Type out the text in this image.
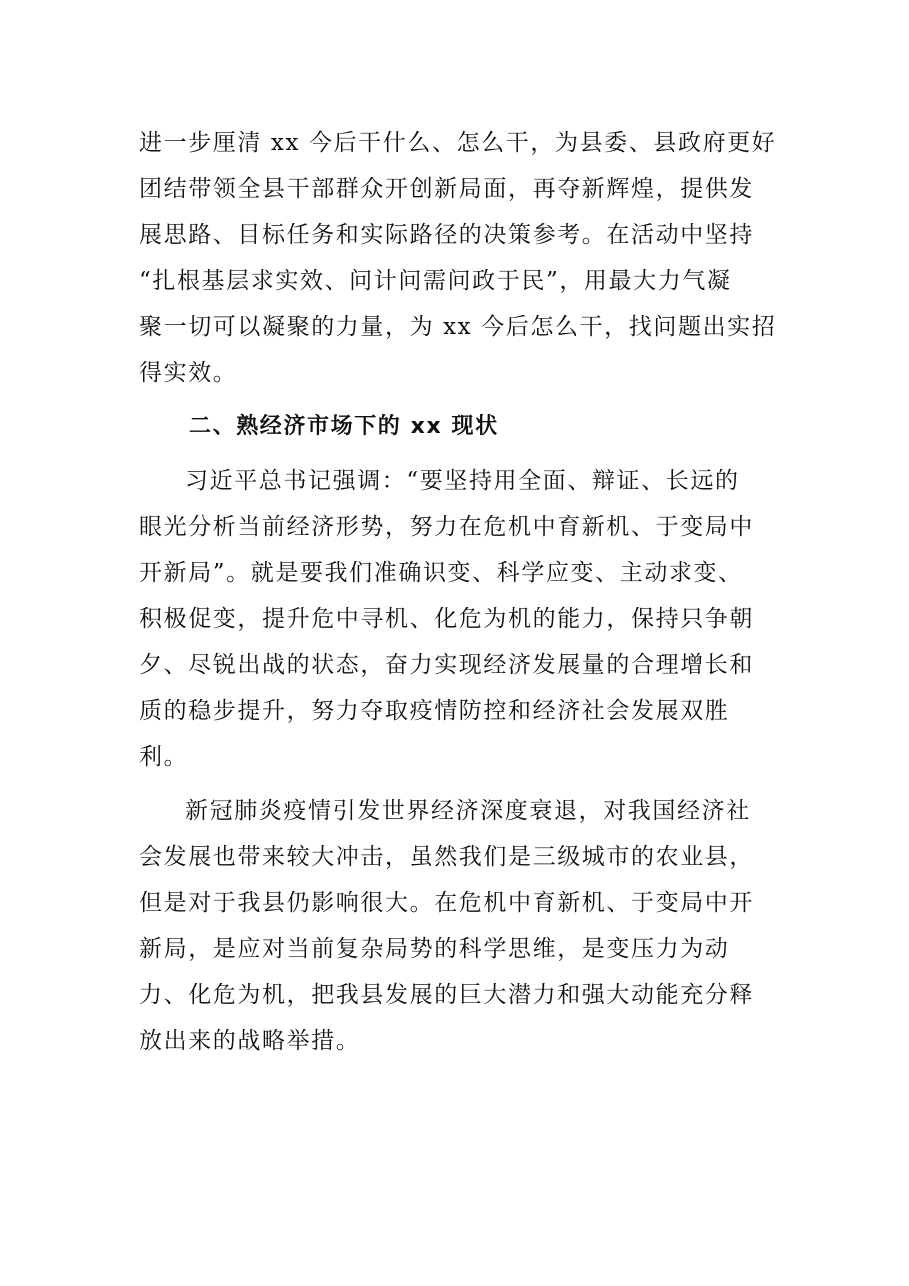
进一步厘清 xx 今后干什么、怎么干，为县委、县政府更好
团结带领全县干部群众开创新局面，再夺新辉煌，提供发
展思路、目标任务和实际路径的决策参考。在活动中坚持
“扎根基层求实效、问计问需问政于民”，用最大力气凝
聚一切可以凝聚的力量，为 xx 今后怎么干，找问题出实招
得实效。
二、熟经济市场下的 xx 现状
习近平总书记强调：“要坚持用全面、辩证、长远的
眼光分析当前经济形势，努力在危机中育新机、于变局中
开新局”。就是要我们准确识变、科学应变、主动求变、
积极促变，提升危中寻机、化危为机的能力，保持只争朝
夕、尽锐出战的状态，奋力实现经济发展量的合理增长和
质的稳步提升，努力夺取疫情防控和经济社会发展双胜
利。
新冠肺炎疫情引发世界经济深度衰退，对我国经济社
会发展也带来较大冲击，虽然我们是三级城市的农业县，
但是对于我县仍影响很大。在危机中育新机、于变局中开
新局，是应对当前复杂局势的科学思维，是变压力为动
力、化危为机，把我县发展的巨大潜力和强大动能充分释
放出来的战略举措。
